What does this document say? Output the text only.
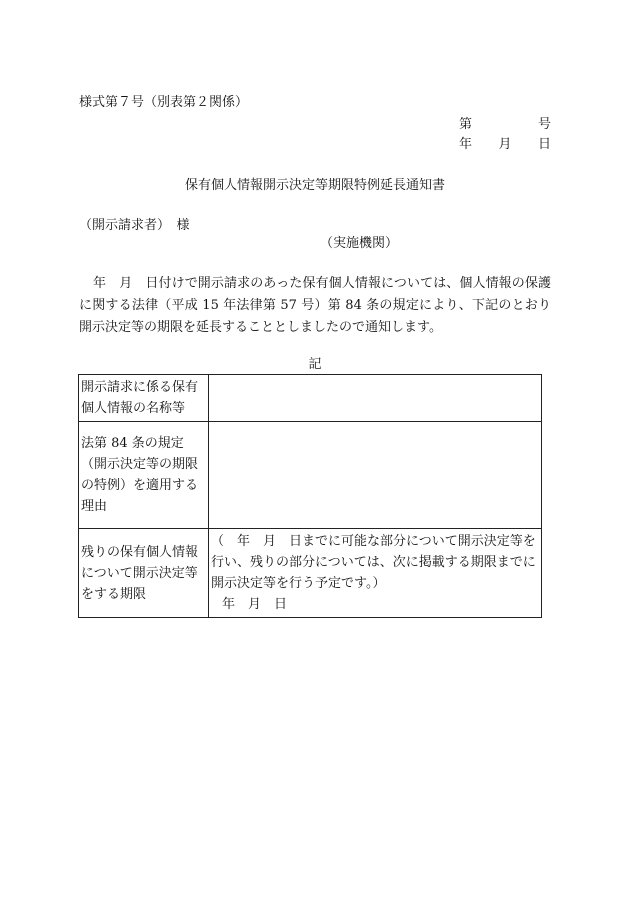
様式第７号（別表第２関係）
第	号
年 月 日
保有個人情報開示決定等期限特例延長通知書
（開示請求者）　様
（実施機関）
年　月　日付けで開示請求のあった保有個人情報については、個人情報の保護に関する法律（平成 15 年法律第 57 号）第 84 条の規定により、下記のとおり開示決定等の期限を延長することとしましたので通知します。
記
開示請求に係る保有個人情報の名称等	
法第 84 条の規定（開示決定等の期限の特例）を適用する理由	
残りの保有個人情報について開示決定等をする期限	（　年　月　日までに可能な部分について開示決定等を行い、残りの部分については、次に掲載する期限までに開示決定等を行う予定です。）
年　月　日
